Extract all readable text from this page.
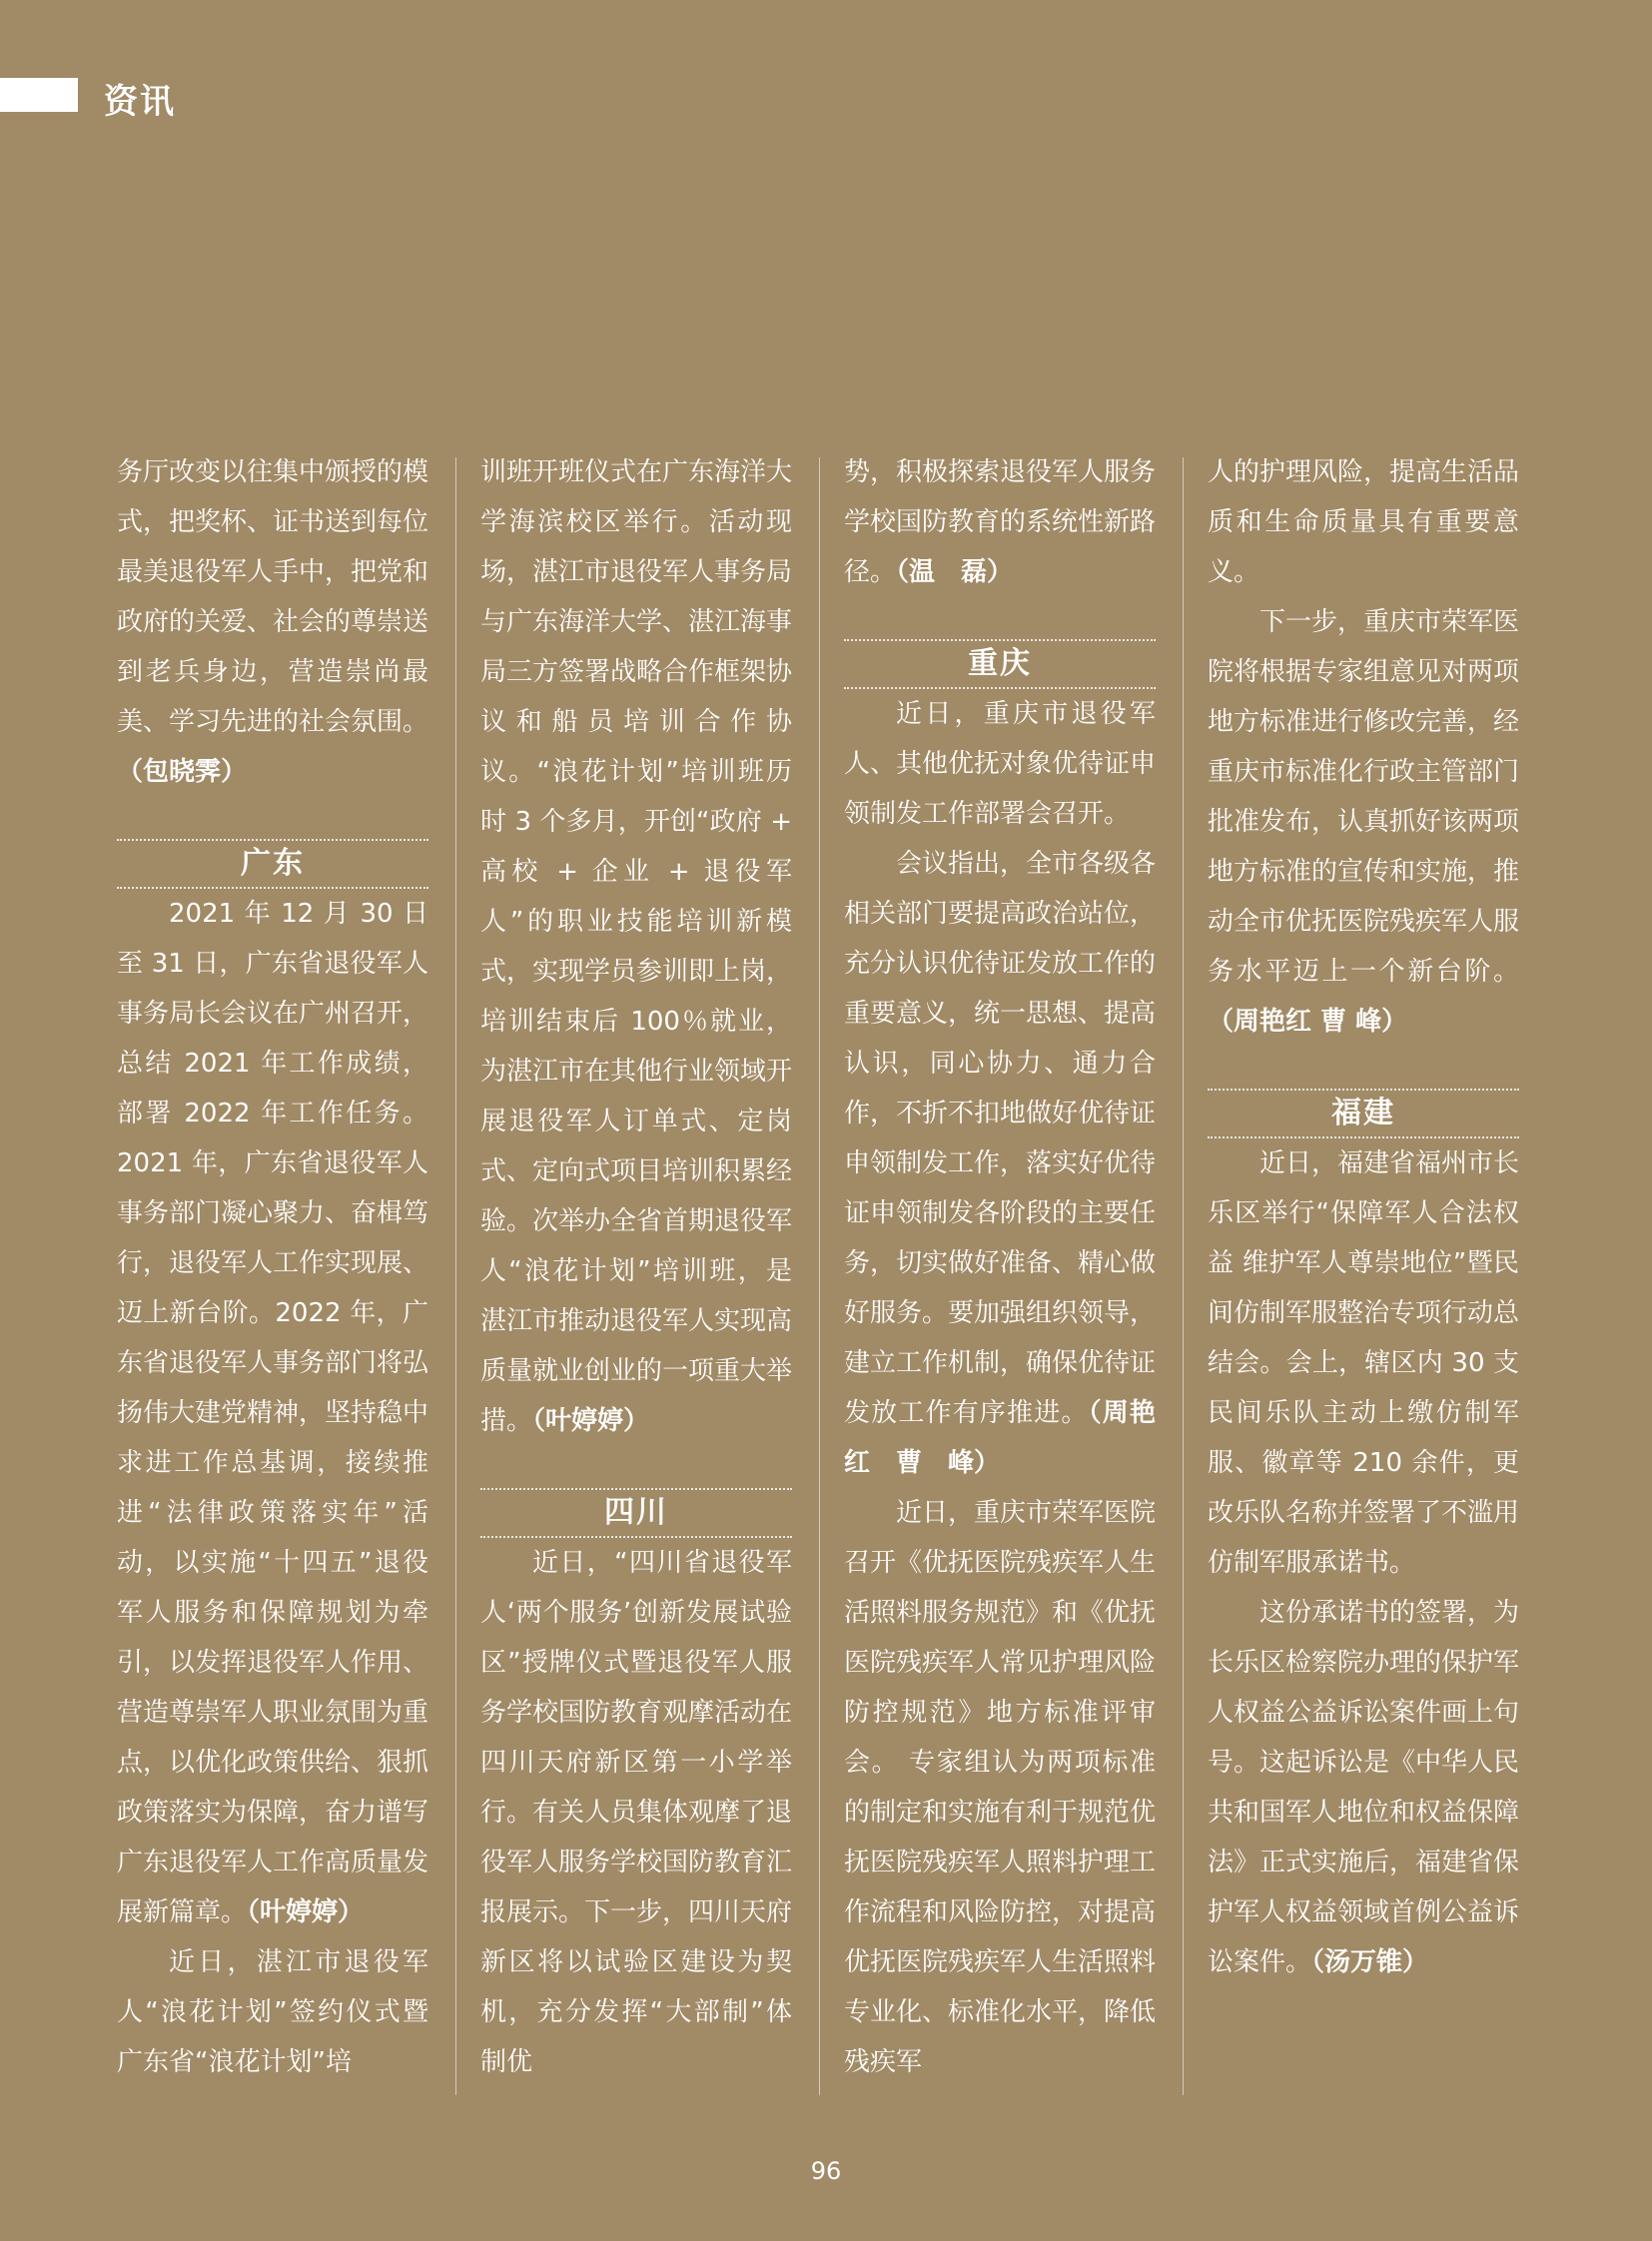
资讯

务厅改变以往集中颁授的模式，把奖杯、证书送到每位最美退役军人手中，把党和政府的关爱、社会的尊崇送到老兵身边，营造崇尚最美、学习先进的社会氛围。（包晓霁）

广东

2021 年 12 月 30 日至 31 日，广东省退役军人事务局长会议在广州召开，总结 2021 年工作成绩，部署 2022 年工作任务。2021 年，广东省退役军人事务部门凝心聚力、奋楫笃行，退役军人工作实现展、迈上新台阶。2022 年，广东省退役军人事务部门将弘扬伟大建党精神，坚持稳中求进工作总基调，接续推进“法律政策落实年”活动，以实施“十四五”退役军人服务和保障规划为牵引，以发挥退役军人作用、营造尊崇军人职业氛围为重点，以优化政策供给、狠抓政策落实为保障，奋力谱写广东退役军人工作高质量发展新篇章。（叶婷婷）

近日，湛江市退役军人“浪花计划”签约仪式暨广东省“浪花计划”培

训班开班仪式在广东海洋大学海滨校区举行。活动现场，湛江市退役军人事务局与广东海洋大学、湛江海事局三方签署战略合作框架协议和船员培训合作协议。“浪花计划”培训班历时 3 个多月，开创“政府 + 高校 + 企业 + 退役军人”的职业技能培训新模式，实现学员参训即上岗，培训结束后 100％就业，为湛江市在其他行业领域开展退役军人订单式、定岗式、定向式项目培训积累经验。次举办全省首期退役军人“浪花计划”培训班，是湛江市推动退役军人实现高质量就业创业的一项重大举措。（叶婷婷）

四川

近日，“四川省退役军人‘两个服务’创新发展试验区”授牌仪式暨退役军人服务学校国防教育观摩活动在四川天府新区第一小学举行。有关人员集体观摩了退役军人服务学校国防教育汇报展示。下一步，四川天府新区将以试验区建设为契机，充分发挥“大部制”体制优

势，积极探索退役军人服务学校国防教育的系统性新路径。（温　磊）

重庆

近日，重庆市退役军人、其他优抚对象优待证申领制发工作部署会召开。

会议指出，全市各级各相关部门要提高政治站位，充分认识优待证发放工作的重要意义，统一思想、提高认识，同心协力、通力合作，不折不扣地做好优待证申领制发工作，落实好优待证申领制发各阶段的主要任务，切实做好准备、精心做好服务。要加强组织领导，建立工作机制，确保优待证发放工作有序推进。（周艳红　曹　峰）

近日，重庆市荣军医院召开《优抚医院残疾军人生活照料服务规范》和《优抚医院残疾军人常见护理风险防控规范》地方标准评审会。 专家组认为两项标准的制定和实施有利于规范优抚医院残疾军人照料护理工作流程和风险防控，对提高优抚医院残疾军人生活照料专业化、标准化水平，降低残疾军

人的护理风险，提高生活品质和生命质量具有重要意义。

下一步，重庆市荣军医院将根据专家组意见对两项地方标准进行修改完善，经重庆市标准化行政主管部门批准发布，认真抓好该两项地方标准的宣传和实施，推动全市优抚医院残疾军人服务水平迈上一个新台阶。（周艳红 曹 峰）

福建

近日，福建省福州市长乐区举行“保障军人合法权益 维护军人尊崇地位”暨民间仿制军服整治专项行动总结会。会上，辖区内 30 支民间乐队主动上缴仿制军服、徽章等 210 余件，更改乐队名称并签署了不滥用仿制军服承诺书。

这份承诺书的签署，为长乐区检察院办理的保护军人权益公益诉讼案件画上句号。这起诉讼是《中华人民共和国军人地位和权益保障法》正式实施后，福建省保护军人权益领域首例公益诉讼案件。（汤万锥）

96
